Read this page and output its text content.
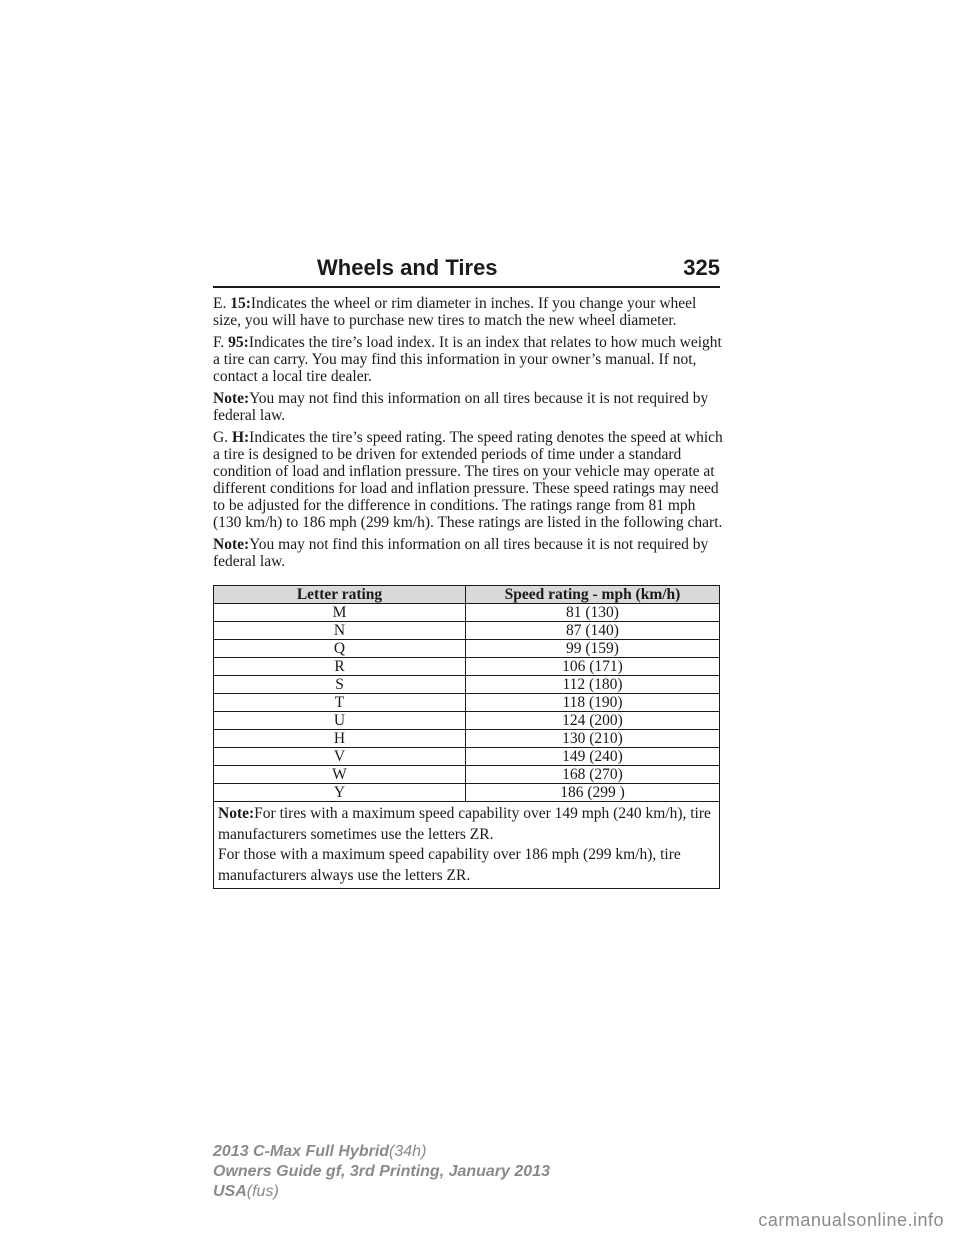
Wheels and Tires	325

E. 15:Indicates the wheel or rim diameter in inches. If you change your wheel size, you will have to purchase new tires to match the new wheel diameter.

F. 95:Indicates the tire’s load index. It is an index that relates to how much weight a tire can carry. You may find this information in your owner’s manual. If not, contact a local tire dealer.

Note:You may not find this information on all tires because it is not required by federal law.

G. H:Indicates the tire’s speed rating. The speed rating denotes the speed at which a tire is designed to be driven for extended periods of time under a standard condition of load and inflation pressure. The tires on your vehicle may operate at different conditions for load and inflation pressure. These speed ratings may need to be adjusted for the difference in conditions. The ratings range from 81 mph (130 km/h) to 186 mph (299 km/h). These ratings are listed in the following chart.

Note:You may not find this information on all tires because it is not required by federal law.

Letter rating	Speed rating - mph (km/h)
M	81 (130)
N	87 (140)
Q	99 (159)
R	106 (171)
S	112 (180)
T	118 (190)
U	124 (200)
H	130 (210)
V	149 (240)
W	168 (270)
Y	186 (299 )
Note:For tires with a maximum speed capability over 149 mph (240 km/h), tire manufacturers sometimes use the letters ZR.
For those with a maximum speed capability over 186 mph (299 km/h), tire manufacturers always use the letters ZR.	
2013 C-Max Full Hybrid(34h)
Owners Guide gf, 3rd Printing, January 2013
USA(fus)
carmanualsonline.info
